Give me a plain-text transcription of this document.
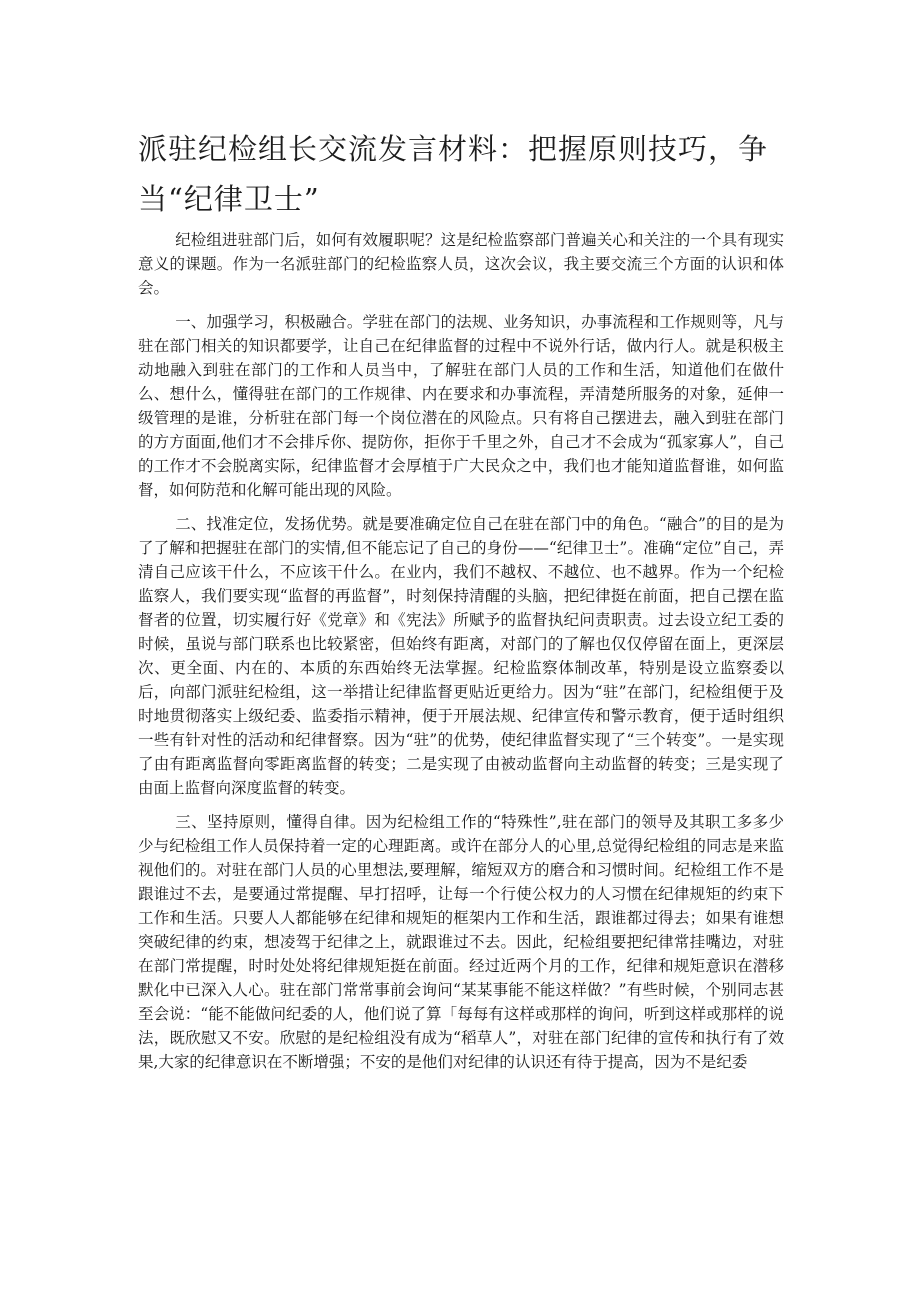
派驻纪检组长交流发言材料：把握原则技巧，争当“纪律卫士”

纪检组进驻部门后，如何有效履职呢？这是纪检监察部门普遍关心和关注的一个具有现实意义的课题。作为一名派驻部门的纪检监察人员，这次会议，我主要交流三个方面的认识和体会。

一、加强学习，积极融合。学驻在部门的法规、业务知识，办事流程和工作规则等，凡与驻在部门相关的知识都要学，让自己在纪律监督的过程中不说外行话，做内行人。就是积极主动地融入到驻在部门的工作和人员当中，了解驻在部门人员的工作和生活，知道他们在做什么、想什么，懂得驻在部门的工作规律、内在要求和办事流程，弄清楚所服务的对象，延伸一级管理的是谁，分析驻在部门每一个岗位潜在的风险点。只有将自己摆进去，融入到驻在部门的方方面面,他们才不会排斥你、提防你，拒你于千里之外，自己才不会成为“孤家寡人”，自己的工作才不会脱离实际，纪律监督才会厚植于广大民众之中，我们也才能知道监督谁，如何监督，如何防范和化解可能出现的风险。

二、找准定位，发扬优势。就是要准确定位自己在驻在部门中的角色。“融合”的目的是为了了解和把握驻在部门的实情,但不能忘记了自己的身份——“纪律卫士”。准确“定位”自己，弄清自己应该干什么，不应该干什么。在业内，我们不越权、不越位、也不越界。作为一个纪检监察人，我们要实现“监督的再监督”，时刻保持清醒的头脑，把纪律挺在前面，把自己摆在监督者的位置，切实履行好《党章》和《宪法》所赋予的监督执纪问责职责。过去设立纪工委的时候，虽说与部门联系也比较紧密，但始终有距离，对部门的了解也仅仅停留在面上，更深层次、更全面、内在的、本质的东西始终无法掌握。纪检监察体制改革，特别是设立监察委以后，向部门派驻纪检组，这一举措让纪律监督更贴近更给力。因为“驻”在部门，纪检组便于及时地贯彻落实上级纪委、监委指示精神，便于开展法规、纪律宣传和警示教育，便于适时组织一些有针对性的活动和纪律督察。因为“驻”的优势，使纪律监督实现了“三个转变”。一是实现了由有距离监督向零距离监督的转变；二是实现了由被动监督向主动监督的转变；三是实现了由面上监督向深度监督的转变。

三、坚持原则，懂得自律。因为纪检组工作的“特殊性”,驻在部门的领导及其职工多多少少与纪检组工作人员保持着一定的心理距离。或许在部分人的心里,总觉得纪检组的同志是来监视他们的。对驻在部门人员的心里想法,要理解，缩短双方的磨合和习惯时间。纪检组工作不是跟谁过不去，是要通过常提醒、早打招呼，让每一个行使公权力的人习惯在纪律规矩的约束下工作和生活。只要人人都能够在纪律和规矩的框架内工作和生活，跟谁都过得去；如果有谁想突破纪律的约束，想凌驾于纪律之上，就跟谁过不去。因此，纪检组要把纪律常挂嘴边，对驻在部门常提醒，时时处处将纪律规矩挺在前面。经过近两个月的工作，纪律和规矩意识在潜移默化中已深入人心。驻在部门常常事前会询问“某某事能不能这样做？”有些时候，个别同志甚至会说：“能不能做问纪委的人，他们说了算「每每有这样或那样的询问，听到这样或那样的说法，既欣慰又不安。欣慰的是纪检组没有成为“稻草人”，对驻在部门纪律的宣传和执行有了效果,大家的纪律意识在不断增强；不安的是他们对纪律的认识还有待于提高，因为不是纪委
